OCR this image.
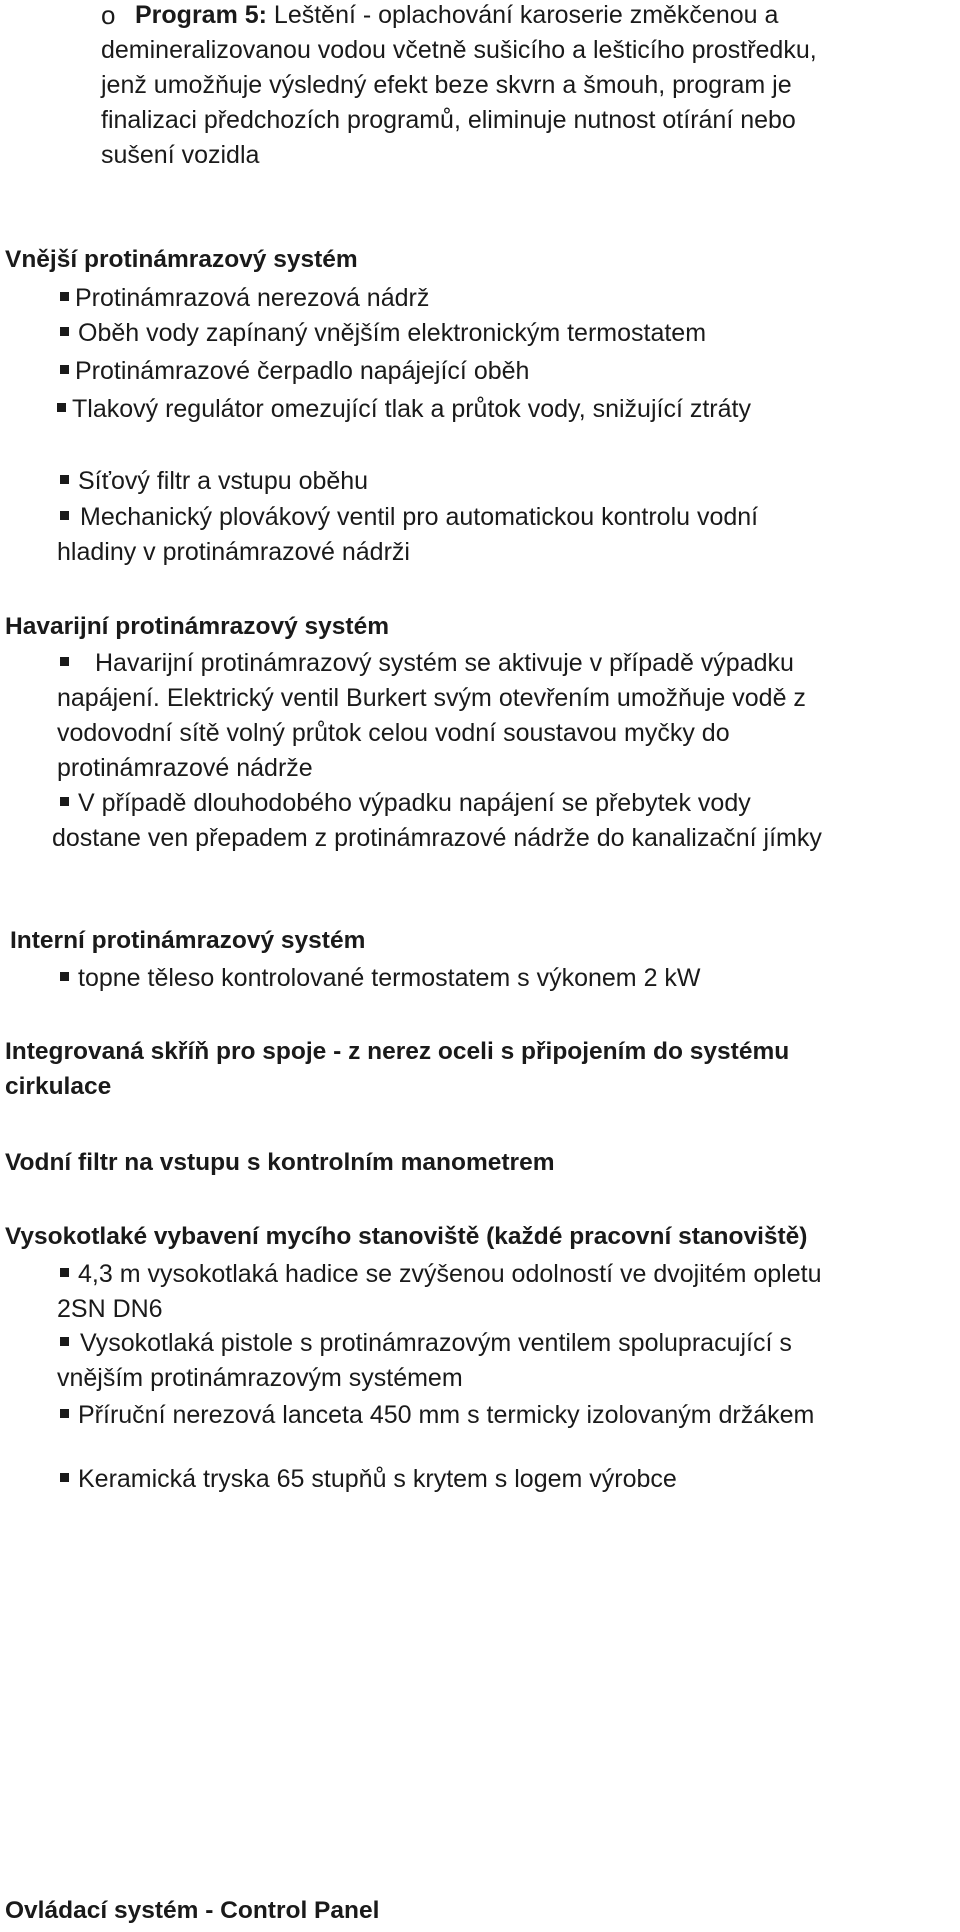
o Program 5: Leštění - oplachování karoserie změkčenou a
demineralizovanou vodou včetně sušicího a lešticího prostředku,
jenž umožňuje výsledný efekt beze skvrn a šmouh, program je
finalizaci předchozích programů, eliminuje nutnost otírání nebo
sušení vozidla
Vnější protinámrazový systém
Protinámrazová nerezová nádrž
Oběh vody zapínaný vnějším elektronickým termostatem
Protinámrazové čerpadlo napájející oběh
Tlakový regulátor omezující tlak a průtok vody, snižující ztráty
Síťový filtr a vstupu oběhu
Mechanický plovákový ventil pro automatickou kontrolu vodní
hladiny v protinámrazové nádrži
Havarijní protinámrazový systém
Havarijní protinámrazový systém se aktivuje v případě výpadku
napájení. Elektrický ventil Burkert svým otevřením umožňuje vodě z
vodovodní sítě volný průtok celou vodní soustavou myčky do
protinámrazové nádrže
V případě dlouhodobého výpadku napájení se přebytek vody
dostane ven přepadem z protinámrazové nádrže do kanalizační jímky
Interní protinámrazový systém
topne těleso kontrolované termostatem s výkonem 2 kW
Integrovaná skříň pro spoje - z nerez oceli s připojením do systému
cirkulace
Vodní filtr na vstupu s kontrolním manometrem
Vysokotlaké vybavení mycího stanoviště (každé pracovní stanoviště)
4,3 m vysokotlaká hadice se zvýšenou odolností ve dvojitém opletu
2SN DN6
Vysokotlaká pistole s protinámrazovým ventilem spolupracující s
vnějším protinámrazovým systémem
Příruční nerezová lanceta 450 mm s termicky izolovaným držákem
Keramická tryska 65 stupňů s krytem s logem výrobce
Ovládací systém - Control Panel
